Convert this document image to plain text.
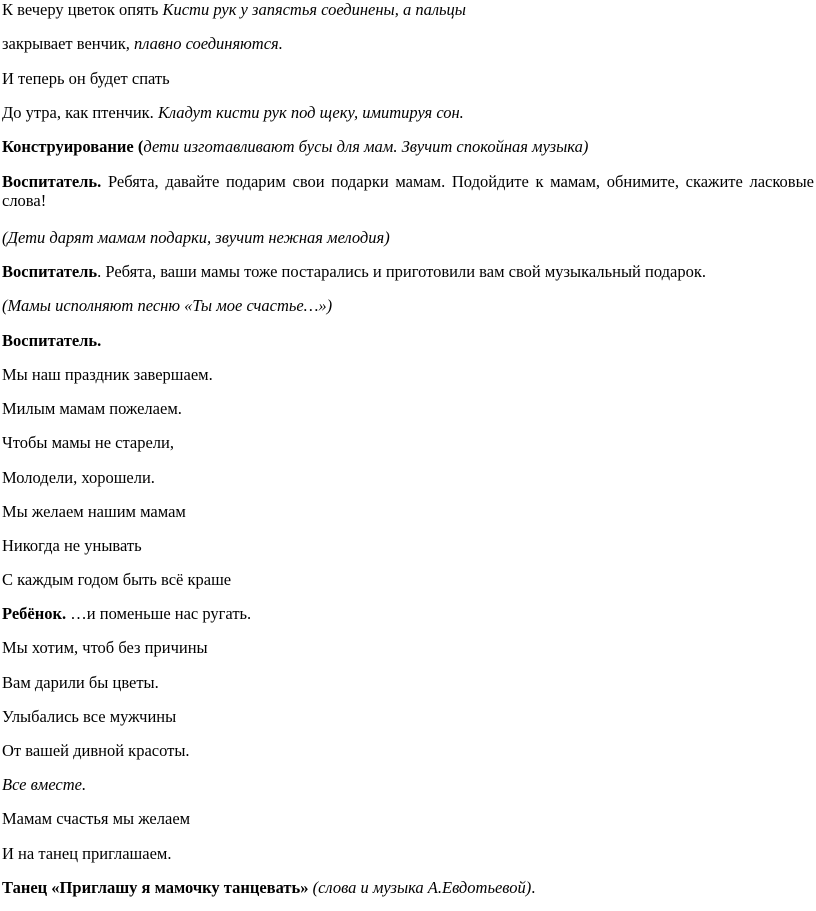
К вечеру цветок опять Кисти рук у запястья соединены, а пальцы
закрывает венчик, плавно соединяются.
И теперь он будет спать
До утра, как птенчик. Кладут кисти рук под щеку, имитируя сон.
Конструирование (дети изготавливают бусы для мам. Звучит спокойная музыка)
Воспитатель. Ребята, давайте подарим свои подарки мамам. Подойдите к мамам, обнимите, скажите ласковые слова!
(Дети дарят мамам подарки, звучит нежная мелодия)
Воспитатель. Ребята, ваши мамы тоже постарались и приготовили вам свой музыкальный подарок.
(Мамы исполняют песню «Ты мое счастье…»)
Воспитатель.
Мы наш праздник завершаем.
Милым мамам пожелаем.
Чтобы мамы не старели,
Молодели, хорошели.
Мы желаем нашим мамам
Никогда не унывать
С каждым годом быть всё краше
Ребёнок. …и поменьше нас ругать.
Мы хотим, чтоб без причины
Вам дарили бы цветы.
Улыбались все мужчины
От вашей дивной красоты.
Все вместе.
Мамам счастья мы желаем
И на танец приглашаем.
Танец «Приглашу я мамочку танцевать» (слова и музыка А.Евдотьевой).
